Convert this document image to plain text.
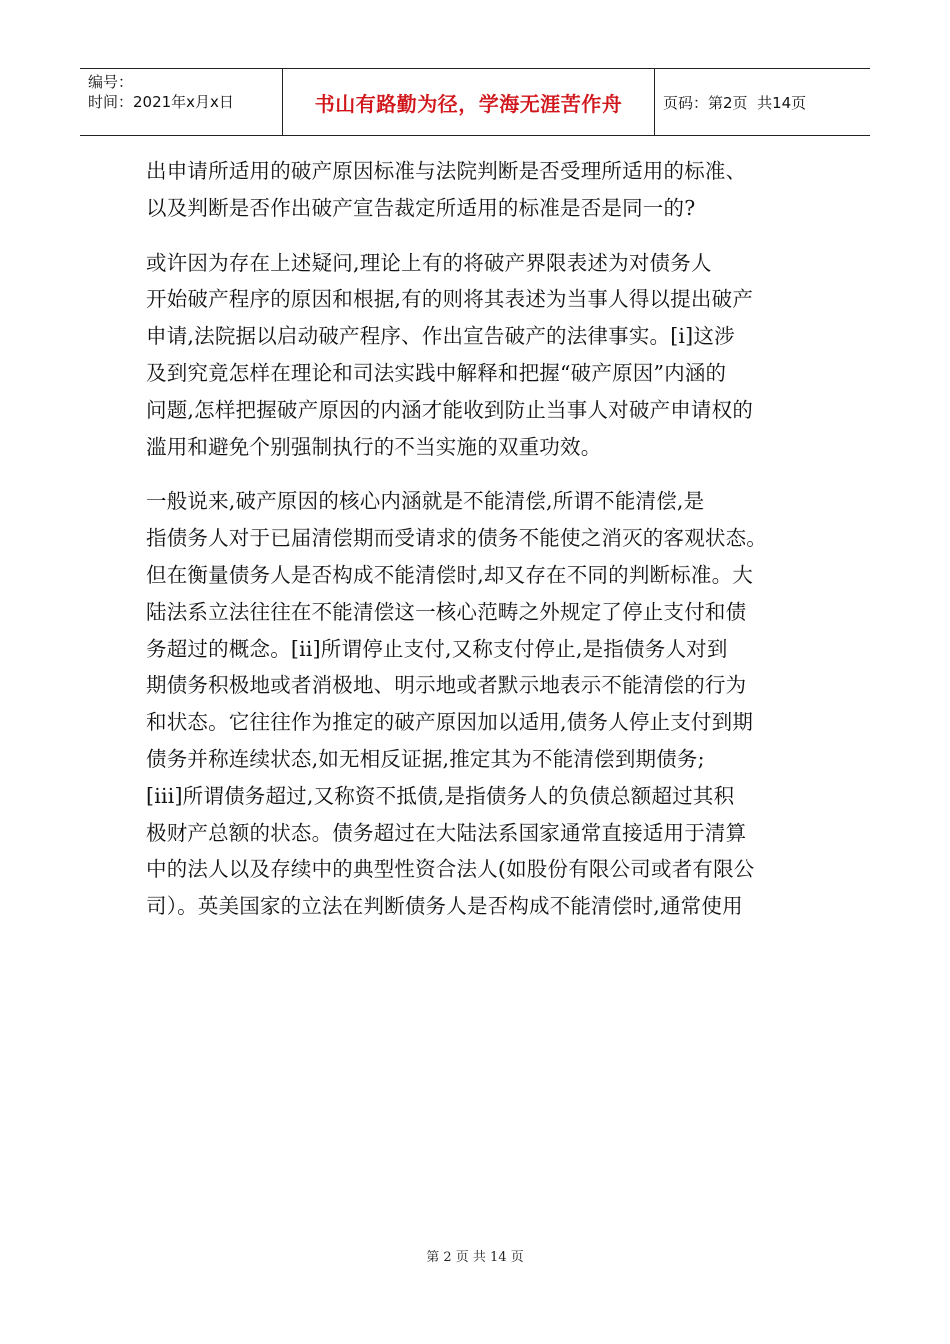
编号：
时间：2021年x月x日	书山有路勤为径，学海无涯苦作舟	页码：第2页  共14页
出申请所适用的破产原因标准与法院判断是否受理所适用的标准、
以及判断是否作出破产宣告裁定所适用的标准是否是同一的?
或许因为存在上述疑问,理论上有的将破产界限表述为对债务人
开始破产程序的原因和根据,有的则将其表述为当事人得以提出破产
申请,法院据以启动破产程序、作出宣告破产的法律事实。[i]这涉
及到究竟怎样在理论和司法实践中解释和把握“破产原因”内涵的
问题,怎样把握破产原因的内涵才能收到防止当事人对破产申请权的
滥用和避免个别强制执行的不当实施的双重功效。
一般说来,破产原因的核心内涵就是不能清偿,所谓不能清偿,是
指债务人对于已届清偿期而受请求的债务不能使之消灭的客观状态。
但在衡量债务人是否构成不能清偿时,却又存在不同的判断标准。大
陆法系立法往往在不能清偿这一核心范畴之外规定了停止支付和债
务超过的概念。[ii]所谓停止支付,又称支付停止,是指债务人对到
期债务积极地或者消极地、明示地或者默示地表示不能清偿的行为
和状态。它往往作为推定的破产原因加以适用,债务人停止支付到期
债务并称连续状态,如无相反证据,推定其为不能清偿到期债务;
[iii]所谓债务超过,又称资不抵债,是指债务人的负债总额超过其积
极财产总额的状态。债务超过在大陆法系国家通常直接适用于清算
中的法人以及存续中的典型性资合法人(如股份有限公司或者有限公
司）。英美国家的立法在判断债务人是否构成不能清偿时,通常使用
第 2 页 共 14 页
